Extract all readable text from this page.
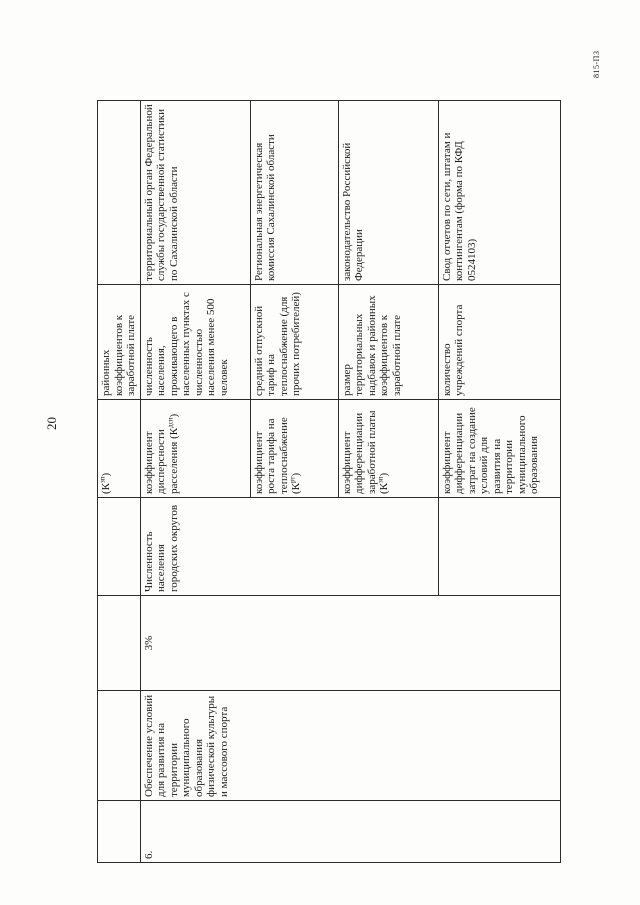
20
815-ПЗ
				$(К^{зп})$	районных коэффициентов к заработной плате	
6.	Обеспечение условий для развития на территории муниципального образования физической культуры и массового спорта	3%	Численность населения городских округов	коэффициент дисперсности расселения $(К^{дсп})$	численность населения, проживающего в населенных пунктах с численностью населения менее 500 человек	территориальный орган Федеральной службы государственной статистики по Сахалинской области
				коэффициент роста тарифа на теплоснабжение $(К^{рт})$	средний отпускной тариф на теплоснабжение (для прочих потребителей)	Региональная энергетическая комиссия Сахалинской области
				коэффициент дифференциации заработной платы $(К^{зп})$	размер территориальных надбавок и районных коэффициентов к заработной плате	законодательство Российской Федерации
				коэффициент дифференциации затрат на создание условий для развития на территории муниципального образования	количество учреждений спорта	Свод отчетов по сети, штатам и контингентам (форма по КФД 0524103)
